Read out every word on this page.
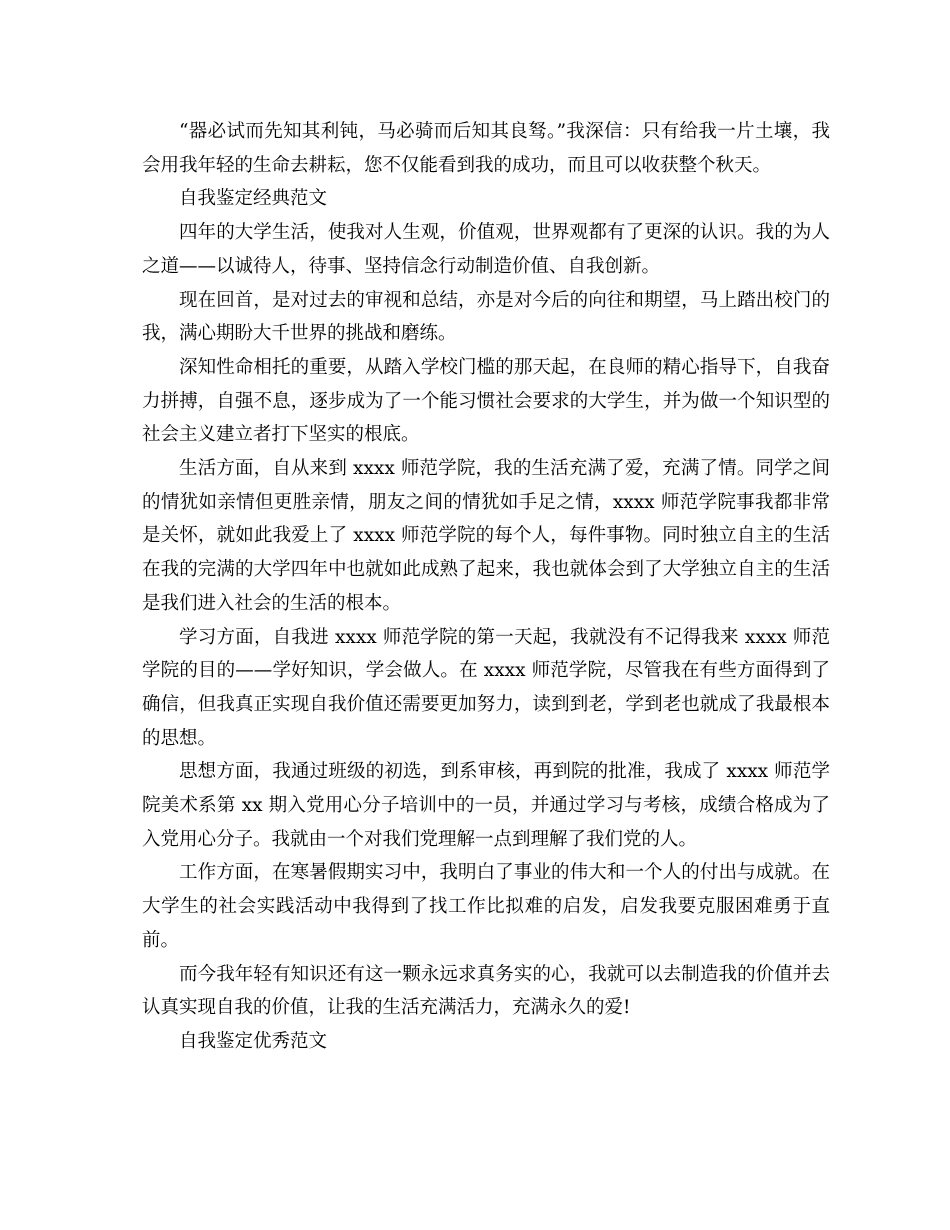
“器必试而先知其利钝，马必骑而后知其良驽。”我深信：只有给我一片土壤，我会用我年轻的生命去耕耘，您不仅能看到我的成功，而且可以收获整个秋天。

自我鉴定经典范文

四年的大学生活，使我对人生观，价值观，世界观都有了更深的认识。我的为人之道——以诚待人，待事、坚持信念行动制造价值、自我创新。

现在回首，是对过去的审视和总结，亦是对今后的向往和期望，马上踏出校门的我，满心期盼大千世界的挑战和磨练。

深知性命相托的重要，从踏入学校门槛的那天起，在良师的精心指导下，自我奋力拼搏，自强不息，逐步成为了一个能习惯社会要求的大学生，并为做一个知识型的社会主义建立者打下坚实的根底。

生活方面，自从来到 xxxx 师范学院，我的生活充满了爱，充满了情。同学之间的情犹如亲情但更胜亲情，朋友之间的情犹如手足之情，xxxx 师范学院事我都非常是关怀，就如此我爱上了 xxxx 师范学院的每个人，每件事物。同时独立自主的生活在我的完满的大学四年中也就如此成熟了起来，我也就体会到了大学独立自主的生活是我们进入社会的生活的根本。

学习方面，自我进 xxxx 师范学院的第一天起，我就没有不记得我来 xxxx 师范学院的目的——学好知识，学会做人。在 xxxx 师范学院，尽管我在有些方面得到了确信，但我真正实现自我价值还需要更加努力，读到到老，学到老也就成了我最根本的思想。

思想方面，我通过班级的初选，到系审核，再到院的批准，我成了 xxxx 师范学院美术系第 xx 期入党用心分子培训中的一员，并通过学习与考核，成绩合格成为了入党用心分子。我就由一个对我们党理解一点到理解了我们党的人。

工作方面，在寒暑假期实习中，我明白了事业的伟大和一个人的付出与成就。在大学生的社会实践活动中我得到了找工作比拟难的启发，启发我要克服困难勇于直前。

而今我年轻有知识还有这一颗永远求真务实的心，我就可以去制造我的价值并去认真实现自我的价值，让我的生活充满活力，充满永久的爱!

自我鉴定优秀范文
